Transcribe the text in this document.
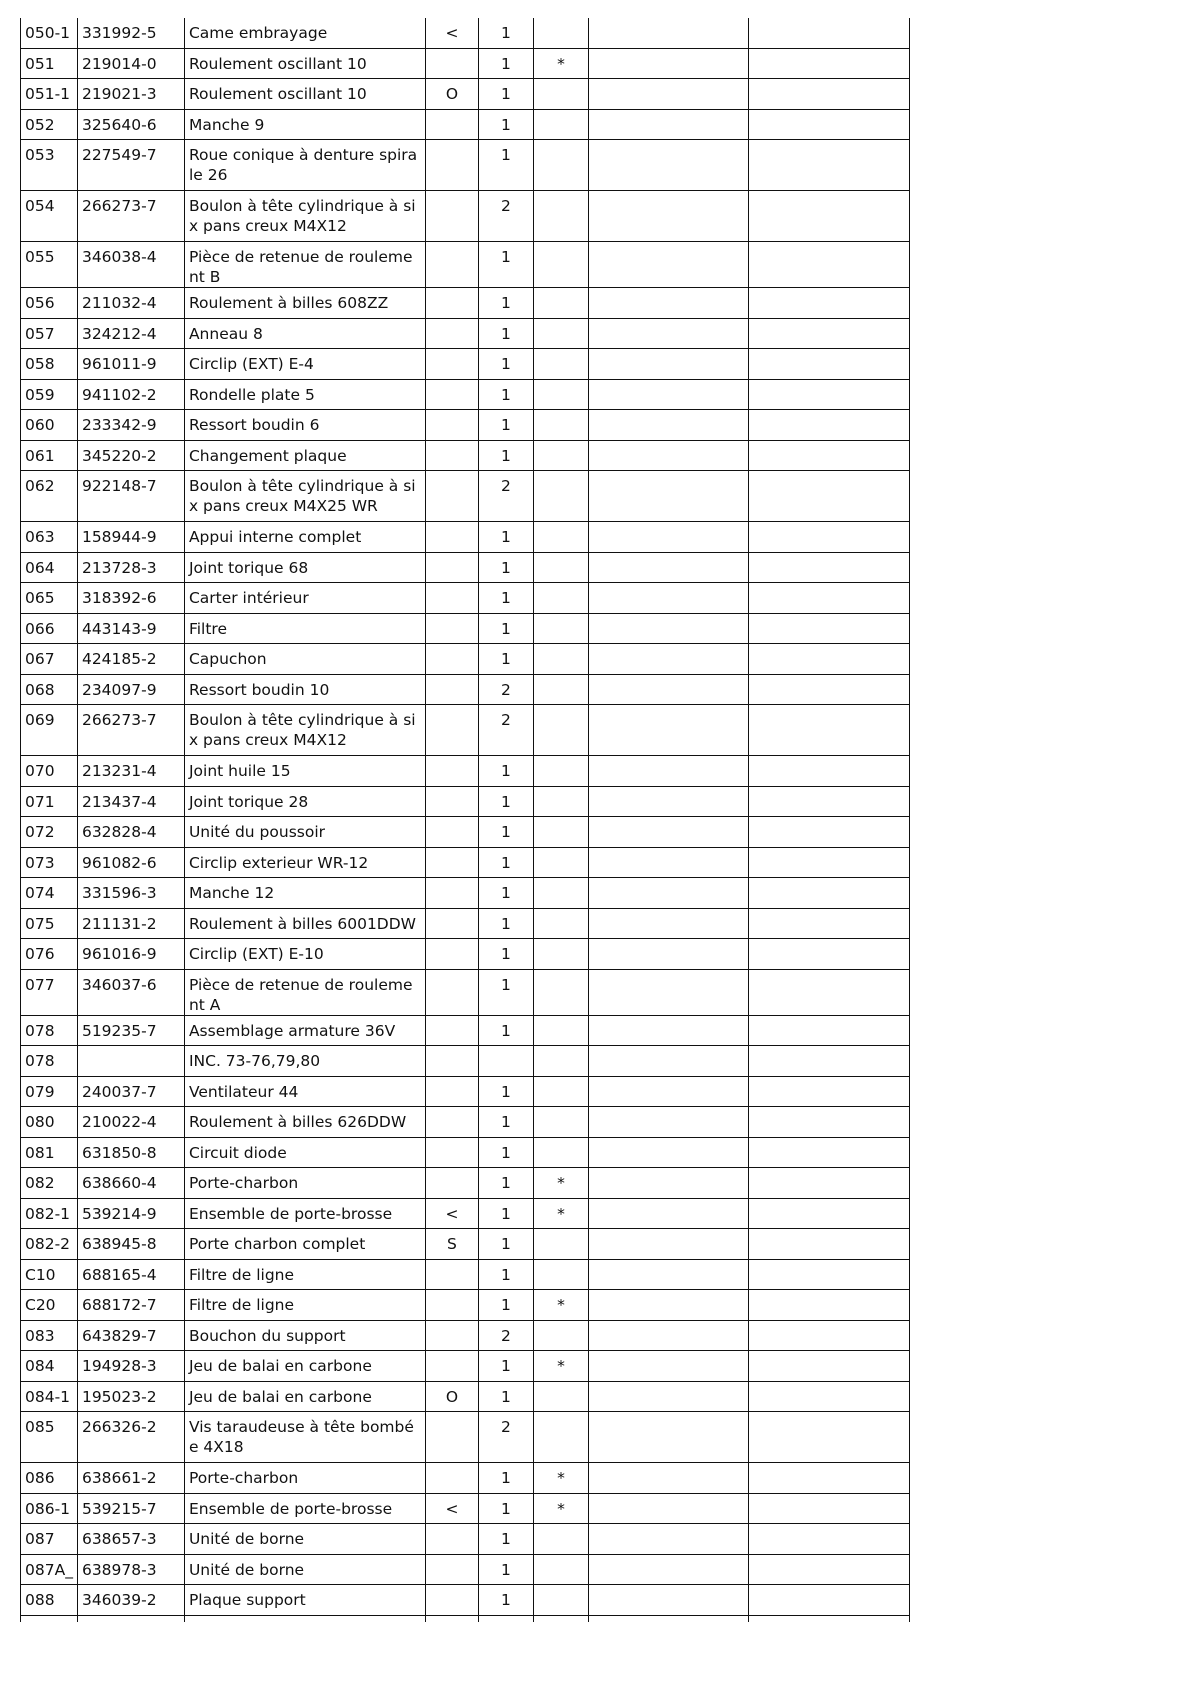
050-1	331992-5	Came embrayage	<	1			
051	219014-0	Roulement oscillant 10		1	*		
051-1	219021-3	Roulement oscillant 10	O	1			
052	325640-6	Manche 9		1			
053	227549-7	Roue conique à denture spirale 26		1			
054	266273-7	Boulon à tête cylindrique à six pans creux M4X12		2			
055	346038-4	Pièce de retenue de roulement B		1			
056	211032-4	Roulement à billes 608ZZ		1			
057	324212-4	Anneau 8		1			
058	961011-9	Circlip (EXT) E-4		1			
059	941102-2	Rondelle plate 5		1			
060	233342-9	Ressort boudin 6		1			
061	345220-2	Changement plaque		1			
062	922148-7	Boulon à tête cylindrique à six pans creux M4X25 WR		2			
063	158944-9	Appui interne complet		1			
064	213728-3	Joint torique 68		1			
065	318392-6	Carter intérieur		1			
066	443143-9	Filtre		1			
067	424185-2	Capuchon		1			
068	234097-9	Ressort boudin 10		2			
069	266273-7	Boulon à tête cylindrique à six pans creux M4X12		2			
070	213231-4	Joint huile 15		1			
071	213437-4	Joint torique 28		1			
072	632828-4	Unité du poussoir		1			
073	961082-6	Circlip exterieur WR-12		1			
074	331596-3	Manche 12		1			
075	211131-2	Roulement à billes 6001DDW		1			
076	961016-9	Circlip (EXT) E-10		1			
077	346037-6	Pièce de retenue de roulement A		1			
078	519235-7	Assemblage armature 36V		1			
078		INC. 73-76,79,80					
079	240037-7	Ventilateur 44		1			
080	210022-4	Roulement à billes 626DDW		1			
081	631850-8	Circuit diode		1			
082	638660-4	Porte-charbon		1	*		
082-1	539214-9	Ensemble de porte-brosse	<	1	*		
082-2	638945-8	Porte charbon complet	S	1			
C10	688165-4	Filtre de ligne		1			
C20	688172-7	Filtre de ligne		1	*		
083	643829-7	Bouchon du support		2			
084	194928-3	Jeu de balai en carbone		1	*		
084-1	195023-2	Jeu de balai en carbone	O	1			
085	266326-2	Vis taraudeuse à tête bombée 4X18		2			
086	638661-2	Porte-charbon		1	*		
086-1	539215-7	Ensemble de porte-brosse	<	1	*		
087	638657-3	Unité de borne		1			
087A_	638978-3	Unité de borne		1			
088	346039-2	Plaque support		1			
